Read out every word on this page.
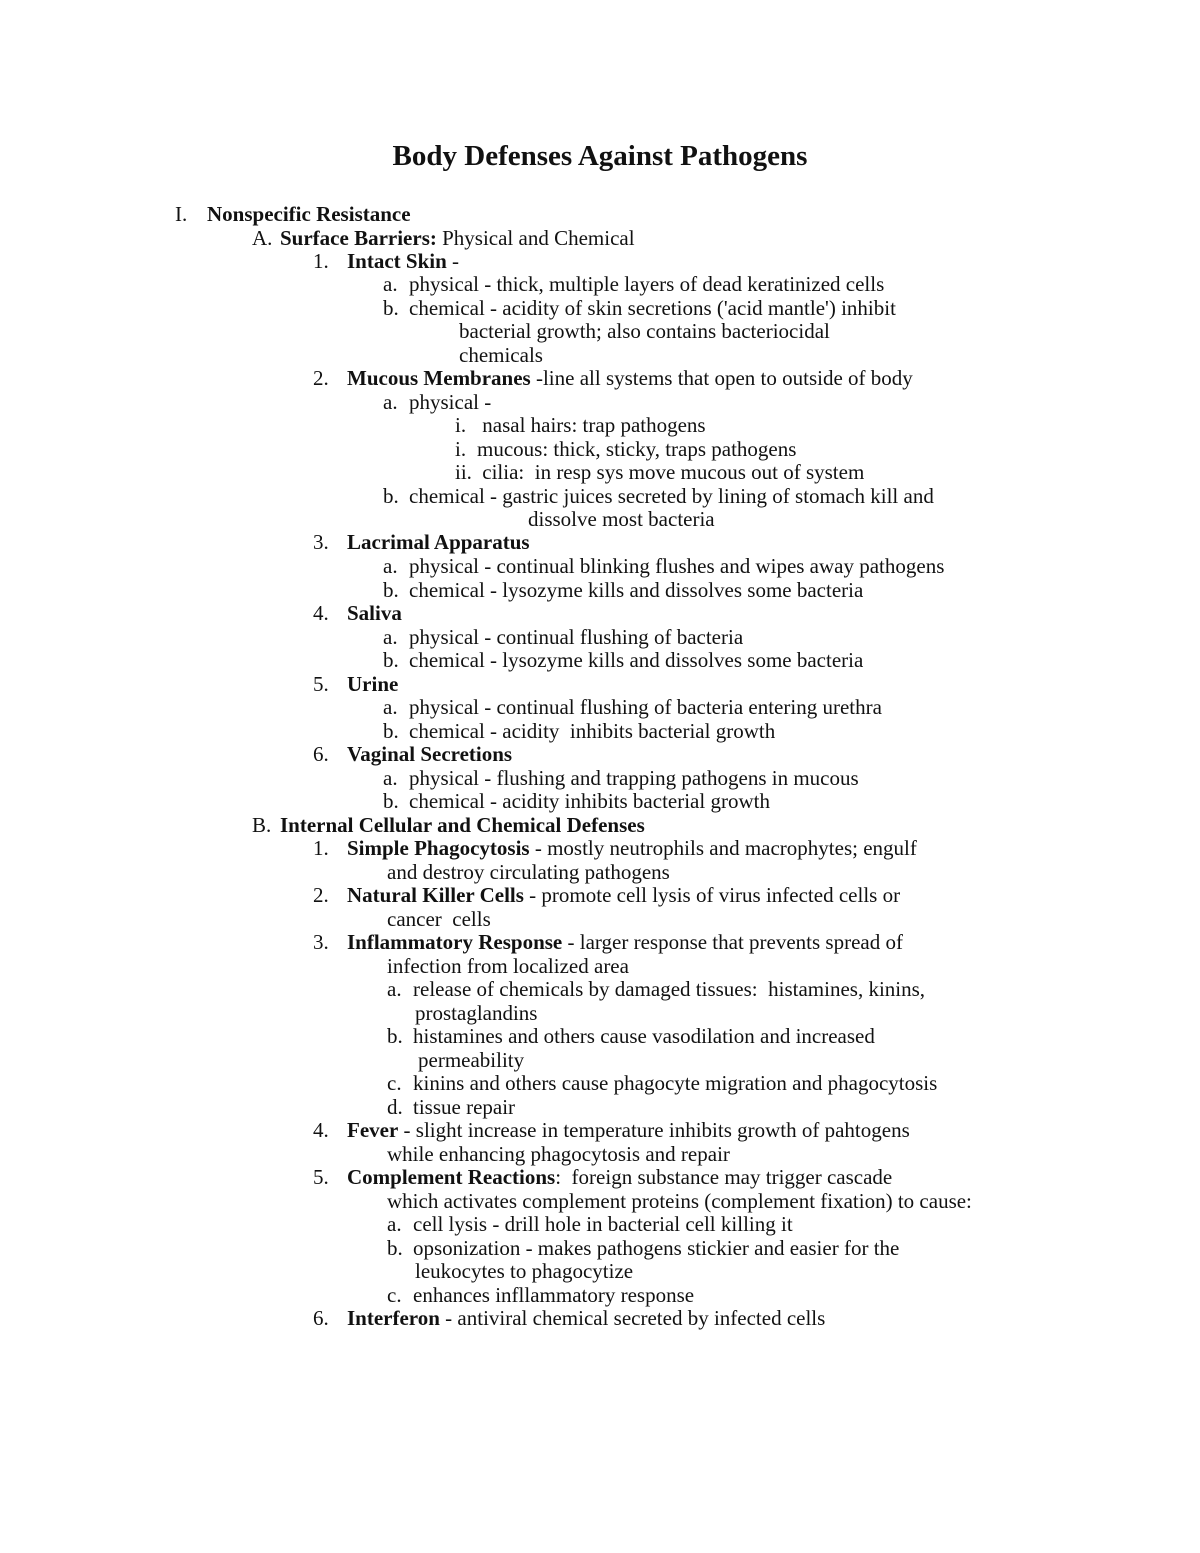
Body Defenses Against Pathogens
I. Nonspecific Resistance
A. Surface Barriers: Physical and Chemical
1. Intact Skin -
a. physical - thick, multiple layers of dead keratinized cells
b. chemical - acidity of skin secretions ('acid mantle') inhibit
bacterial growth; also contains bacteriocidal
chemicals
2. Mucous Membranes -line all systems that open to outside of body
a. physical -
i. nasal hairs: trap pathogens
i. mucous: thick, sticky, traps pathogens
ii. cilia:  in resp sys move mucous out of system
b. chemical - gastric juices secreted by lining of stomach kill and
dissolve most bacteria
3. Lacrimal Apparatus
a. physical - continual blinking flushes and wipes away pathogens
b. chemical - lysozyme kills and dissolves some bacteria
4. Saliva
a. physical - continual flushing of bacteria
b. chemical - lysozyme kills and dissolves some bacteria
5. Urine
a. physical - continual flushing of bacteria entering urethra
b. chemical - acidity  inhibits bacterial growth
6. Vaginal Secretions
a. physical - flushing and trapping pathogens in mucous
b. chemical - acidity inhibits bacterial growth
B. Internal Cellular and Chemical Defenses
1. Simple Phagocytosis - mostly neutrophils and macrophytes; engulf
and destroy circulating pathogens
2. Natural Killer Cells - promote cell lysis of virus infected cells or
cancer  cells
3. Inflammatory Response - larger response that prevents spread of
infection from localized area
a. release of chemicals by damaged tissues:  histamines, kinins,
prostaglandins
b. histamines and others cause vasodilation and increased
permeability
c. kinins and others cause phagocyte migration and phagocytosis
d. tissue repair
4. Fever - slight increase in temperature inhibits growth of pahtogens
while enhancing phagocytosis and repair
5. Complement Reactions:  foreign substance may trigger cascade
which activates complement proteins (complement fixation) to cause:
a. cell lysis - drill hole in bacterial cell killing it
b. opsonization - makes pathogens stickier and easier for the
leukocytes to phagocytize
c. enhances infllammatory response
6. Interferon - antiviral chemical secreted by infected cells
